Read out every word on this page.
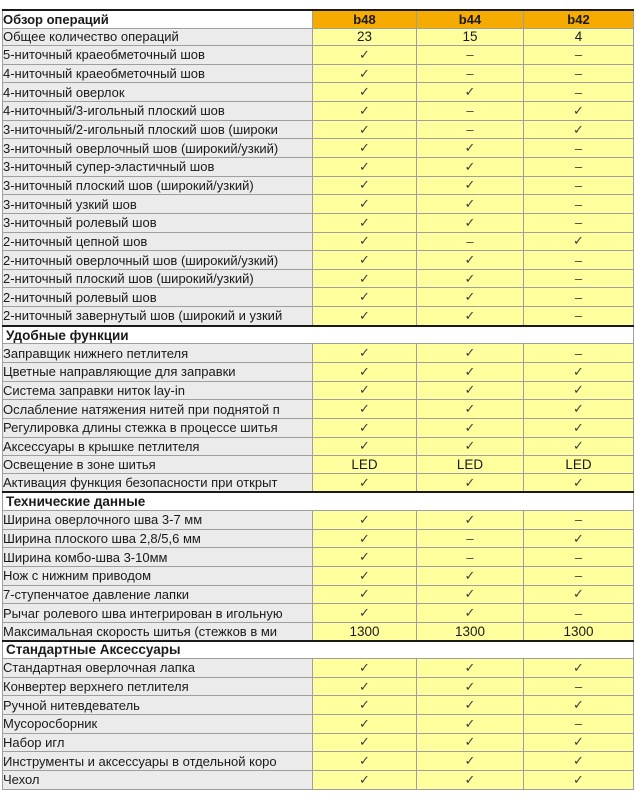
Обзор операций	b48	b44	b42
Общее количество операций	23	15	4
5-ниточный краеобметочный шов	✓	–	–
4-ниточный краеобметочный шов	✓	–	–
4-ниточный оверлок	✓	✓	–
4-ниточный/3-игольный плоский шов	✓	–	✓
3-ниточный/2-игольный плоский шов (широки	✓	–	✓
3-ниточный оверлочный шов (широкий/узкий)	✓	✓	–
3-ниточный супер-эластичный шов	✓	✓	–
3-ниточный плоский шов (широкий/узкий)	✓	✓	–
3-ниточный узкий шов	✓	✓	–
3-ниточный ролевый шов	✓	✓	–
2-ниточный цепной шов	✓	–	✓
2-ниточный оверлочный шов (широкий/узкий)	✓	✓	–
2-ниточный плоский шов (широкий/узкий)	✓	✓	–
2-ниточный ролевый шов	✓	✓	–
2-ниточный завернутый шов (широкий и узкий	✓	✓	–
Удобные функции			
Заправщик нижнего петлителя	✓	✓	–
Цветные направляющие для заправки	✓	✓	✓
Система заправки ниток lay-in	✓	✓	✓
Ослабление натяжения нитей при поднятой п	✓	✓	✓
Регулировка длины стежка в процессе шитья	✓	✓	✓
Аксессуары в крышке петлителя	✓	✓	✓
Освещение в зоне шитья	LED	LED	LED
Активация функция безопасности при открыт	✓	✓	✓
Технические данные			
Ширина оверлочного шва 3-7 мм	✓	✓	–
Ширина плоского шва 2,8/5,6 мм	✓	–	✓
Ширина комбо-шва 3-10мм	✓	–	–
Нож с нижним приводом	✓	✓	–
7-ступенчатое давление лапки	✓	✓	✓
Рычаг ролевого шва интегрирован в игольную	✓	✓	–
Максимальная скорость шитья (стежков в ми	1300	1300	1300
Стандартные Аксессуары			
Стандартная оверлочная лапка	✓	✓	✓
Конвертер верхнего петлителя	✓	✓	–
Ручной нитевдеватель	✓	✓	✓
Мусоросборник	✓	✓	–
Набор игл	✓	✓	✓
Инструменты и аксессуары в отдельной коро	✓	✓	✓
Чехол	✓	✓	✓
